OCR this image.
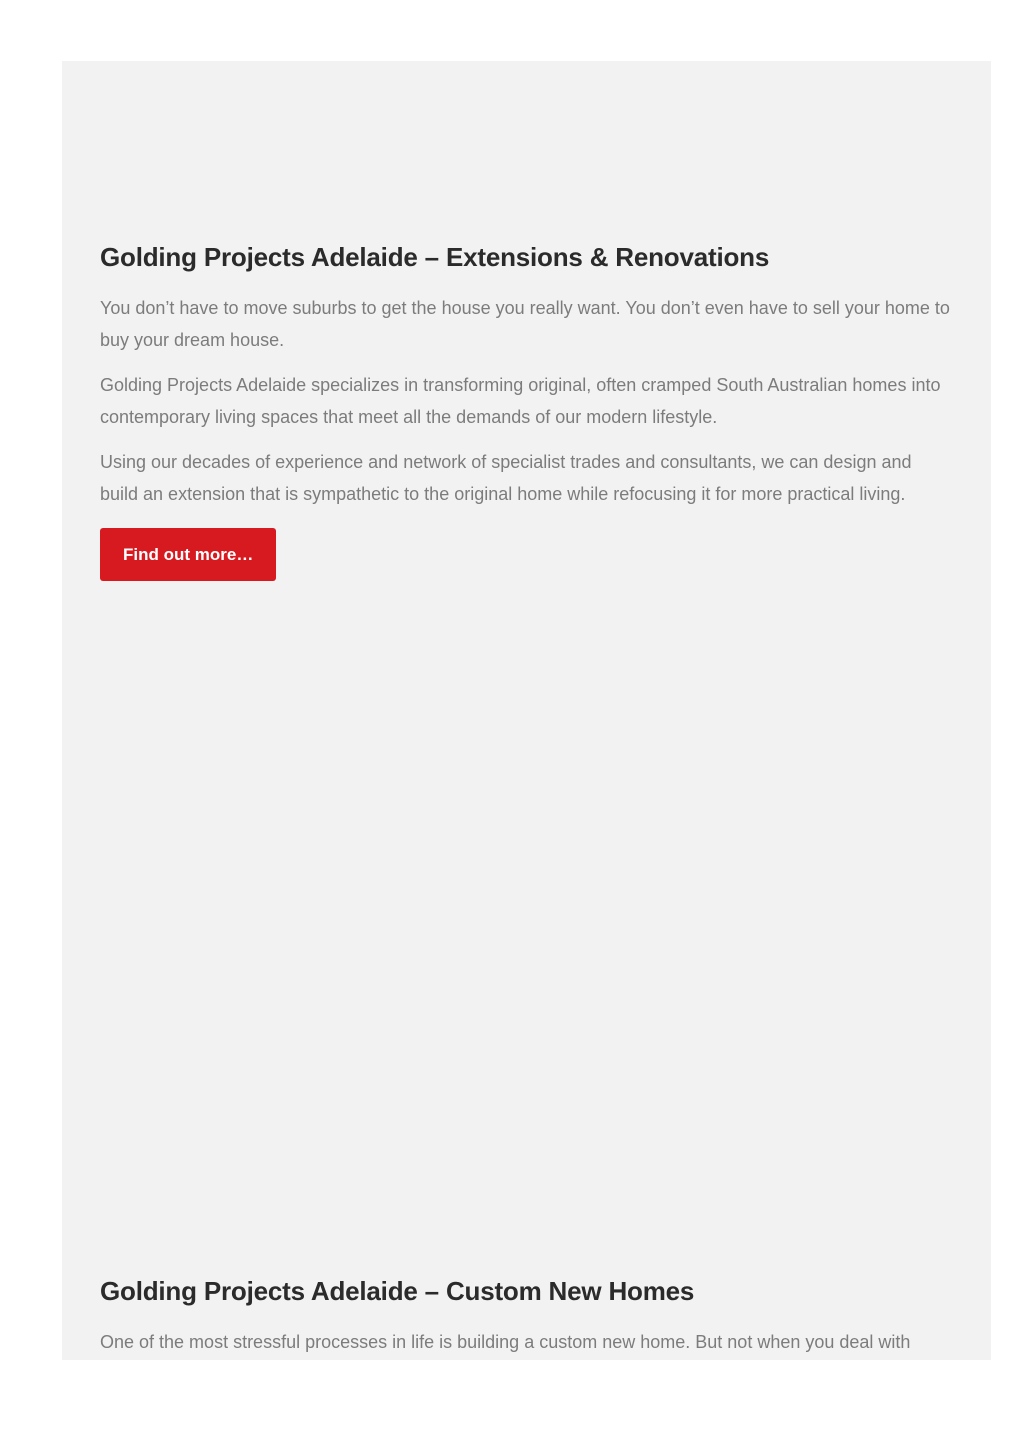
Golding Projects Adelaide – Extensions & Renovations

You don’t have to move suburbs to get the house you really want. You don’t even have to sell your home to buy your dream house.

Golding Projects Adelaide specializes in transforming original, often cramped South Australian homes into contemporary living spaces that meet all the demands of our modern lifestyle.

Using our decades of experience and network of specialist trades and consultants, we can design and build an extension that is sympathetic to the original home while refocusing it for more practical living.

Find out more…
Golding Projects Adelaide – Custom New Homes

One of the most stressful processes in life is building a custom new home. But not when you deal with
